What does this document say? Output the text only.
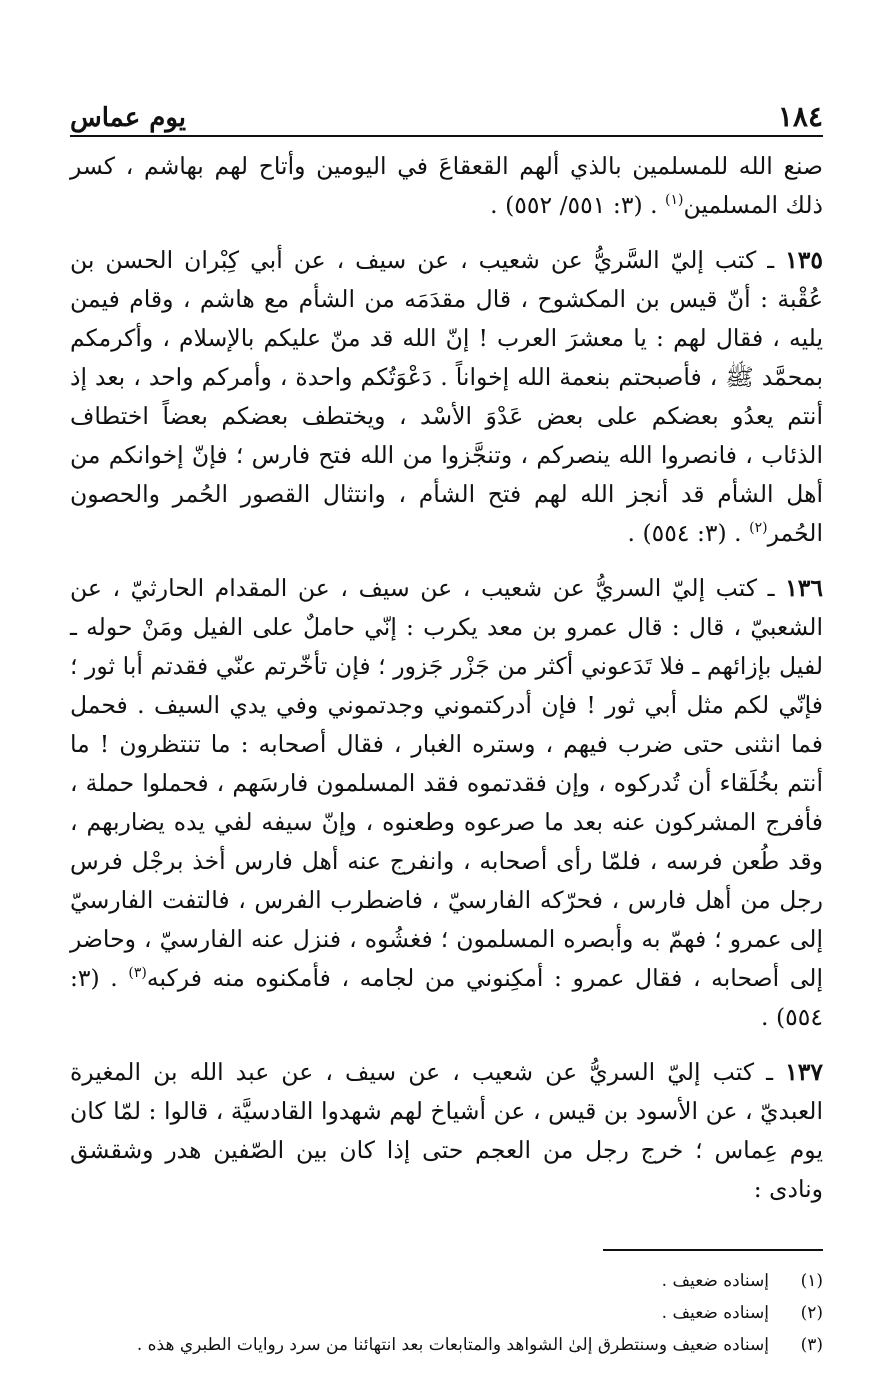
١٨٤
يوم عماس

صنع الله للمسلمين بالذي ألهم القعقاعَ في اليومين وأتاح لهم بهاشم ، كسر ذلك المسلمين$^{(١)}$ . (٣: ٥٥١/ ٥٥٢) .

١٣٥ ـ كتب إليّ السَّريُّ عن شعيب ، عن سيف ، عن أبي كِبْران الحسن بن عُقْبة : أنّ قيس بن المكشوح ، قال مقدَمَه من الشأم مع هاشم ، وقام فيمن يليه ، فقال لهم : يا معشرَ العرب ! إنّ الله قد منّ عليكم بالإسلام ، وأكرمكم بمحمَّد ﷺ ، فأصبحتم بنعمة الله إخواناً . دَعْوَتُكم واحدة ، وأمركم واحد ، بعد إذ أنتم يعدُو بعضكم على بعض عَدْوَ الأسْد ، ويختطف بعضكم بعضاً اختطاف الذئاب ، فانصروا الله ينصركم ، وتنجَّزوا من الله فتح فارس ؛ فإنّ إخوانكم من أهل الشأم قد أنجز الله لهم فتح الشأم ، وانتثال القصور الحُمر والحصون الحُمر$^{(٢)}$ . (٣: ٥٥٤) .

١٣٦ ـ كتب إليّ السريُّ عن شعيب ، عن سيف ، عن المقدام الحارثيّ ، عن الشعبيّ ، قال : قال عمرو بن معد يكرب : إنّي حاملٌ على الفيل ومَنْ حوله ـ لفيل بإزائهم ـ فلا تَدَعوني أكثر من جَزْر جَزور ؛ فإن تأخّرتم عنّي فقدتم أبا ثور ؛ فإنّي لكم مثل أبي ثور ! فإن أدركتموني وجدتموني وفي يدي السيف . فحمل فما انثنى حتى ضرب فيهم ، وستره الغبار ، فقال أصحابه : ما تنتظرون ! ما أنتم بخُلَقاء أن تُدركوه ، وإن فقدتموه فقد المسلمون فارسَهم ، فحملوا حملة ، فأفرج المشركون عنه بعد ما صرعوه وطعنوه ، وإنّ سيفه لفي يده يضاربهم ، وقد طُعن فرسه ، فلمّا رأى أصحابه ، وانفرج عنه أهل فارس أخذ برجْل فرس رجل من أهل فارس ، فحرّكه الفارسيّ ، فاضطرب الفرس ، فالتفت الفارسيّ إلى عمرو ؛ فهمّ به وأبصره المسلمون ؛ فغشُوه ، فنزل عنه الفارسيّ ، وحاضر إلى أصحابه ، فقال عمرو : أمكِنوني من لجامه ، فأمكنوه منه فركبه$^{(٣)}$ . (٣: ٥٥٤) .

١٣٧ ـ كتب إليّ السريُّ عن شعيب ، عن سيف ، عن عبد الله بن المغيرة العبديّ ، عن الأسود بن قيس ، عن أشياخ لهم شهدوا القادسيَّة ، قالوا : لمّا كان يوم عِماس ؛ خرج رجل من العجم حتى إذا كان بين الصّفين هدر وشقشق ونادى :

(١)
إسناده ضعيف .
(٢)
إسناده ضعيف .
(٣)
إسناده ضعيف وسنتطرق إلىٰ الشواهد والمتابعات بعد انتهائنا من سرد روايات الطبري هذه .
